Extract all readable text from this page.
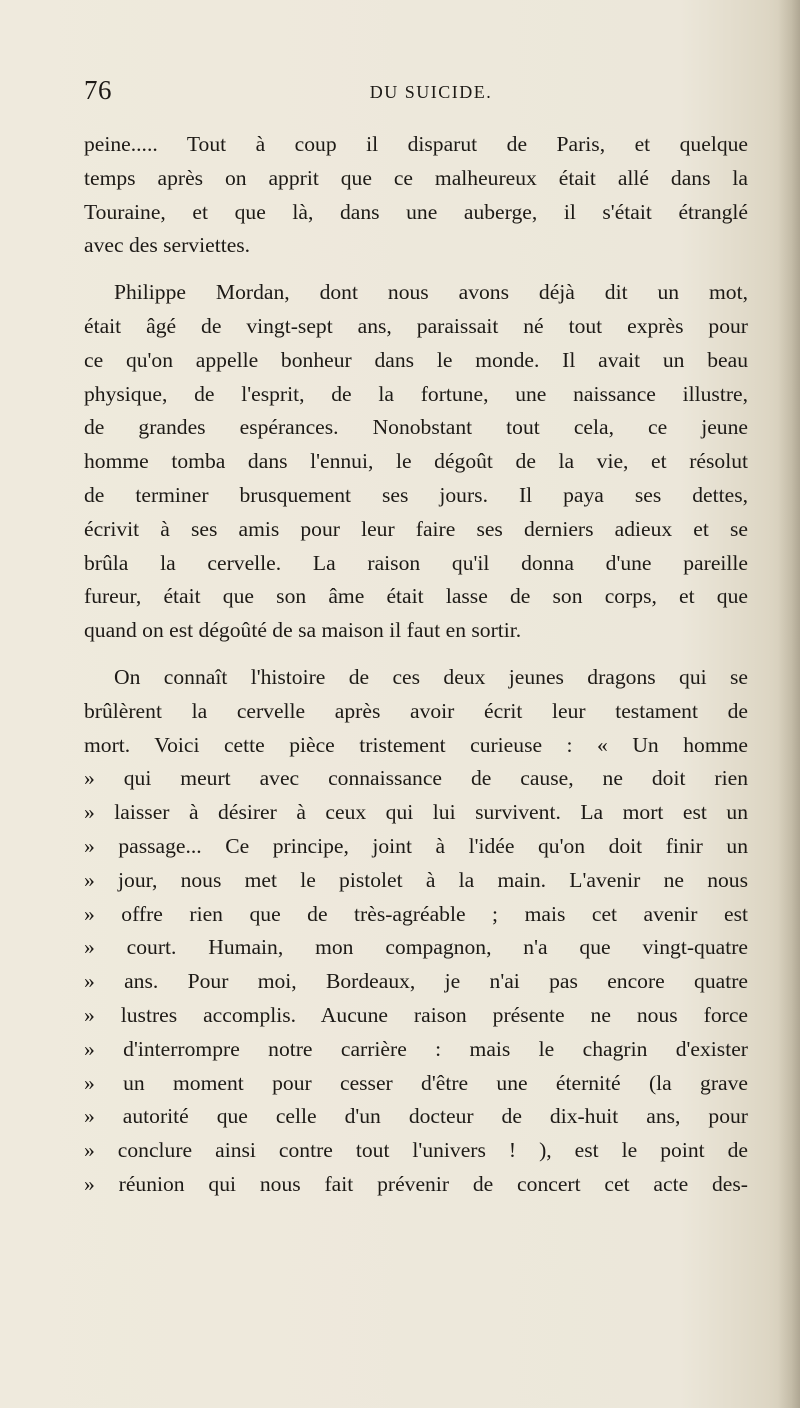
76	DU SUICIDE.
peine..... Tout à coup il disparut de Paris, et quelque
temps après on apprit que ce malheureux était allé dans la
Touraine, et que là, dans une auberge, il s'était étranglé
avec des serviettes.
Philippe Mordan, dont nous avons déjà dit un mot,
était âgé de vingt-sept ans, paraissait né tout exprès pour
ce qu'on appelle bonheur dans le monde. Il avait un beau
physique, de l'esprit, de la fortune, une naissance illustre,
de grandes espérances. Nonobstant tout cela, ce jeune
homme tomba dans l'ennui, le dégoût de la vie, et résolut
de terminer brusquement ses jours. Il paya ses dettes,
écrivit à ses amis pour leur faire ses derniers adieux et se
brûla la cervelle. La raison qu'il donna d'une pareille
fureur, était que son âme était lasse de son corps, et que
quand on est dégoûté de sa maison il faut en sortir.
On connaît l'histoire de ces deux jeunes dragons qui se
brûlèrent la cervelle après avoir écrit leur testament de
mort. Voici cette pièce tristement curieuse : « Un homme
» qui meurt avec connaissance de cause, ne doit rien
» laisser à désirer à ceux qui lui survivent. La mort est un
» passage... Ce principe, joint à l'idée qu'on doit finir un
» jour, nous met le pistolet à la main. L'avenir ne nous
» offre rien que de très-agréable ; mais cet avenir est
» court. Humain, mon compagnon, n'a que vingt-quatre
» ans. Pour moi, Bordeaux, je n'ai pas encore quatre
» lustres accomplis. Aucune raison présente ne nous force
» d'interrompre notre carrière : mais le chagrin d'exister
» un moment pour cesser d'être une éternité (la grave
» autorité que celle d'un docteur de dix-huit ans, pour
» conclure ainsi contre tout l'univers ! ), est le point de
» réunion qui nous fait prévenir de concert cet acte des-
